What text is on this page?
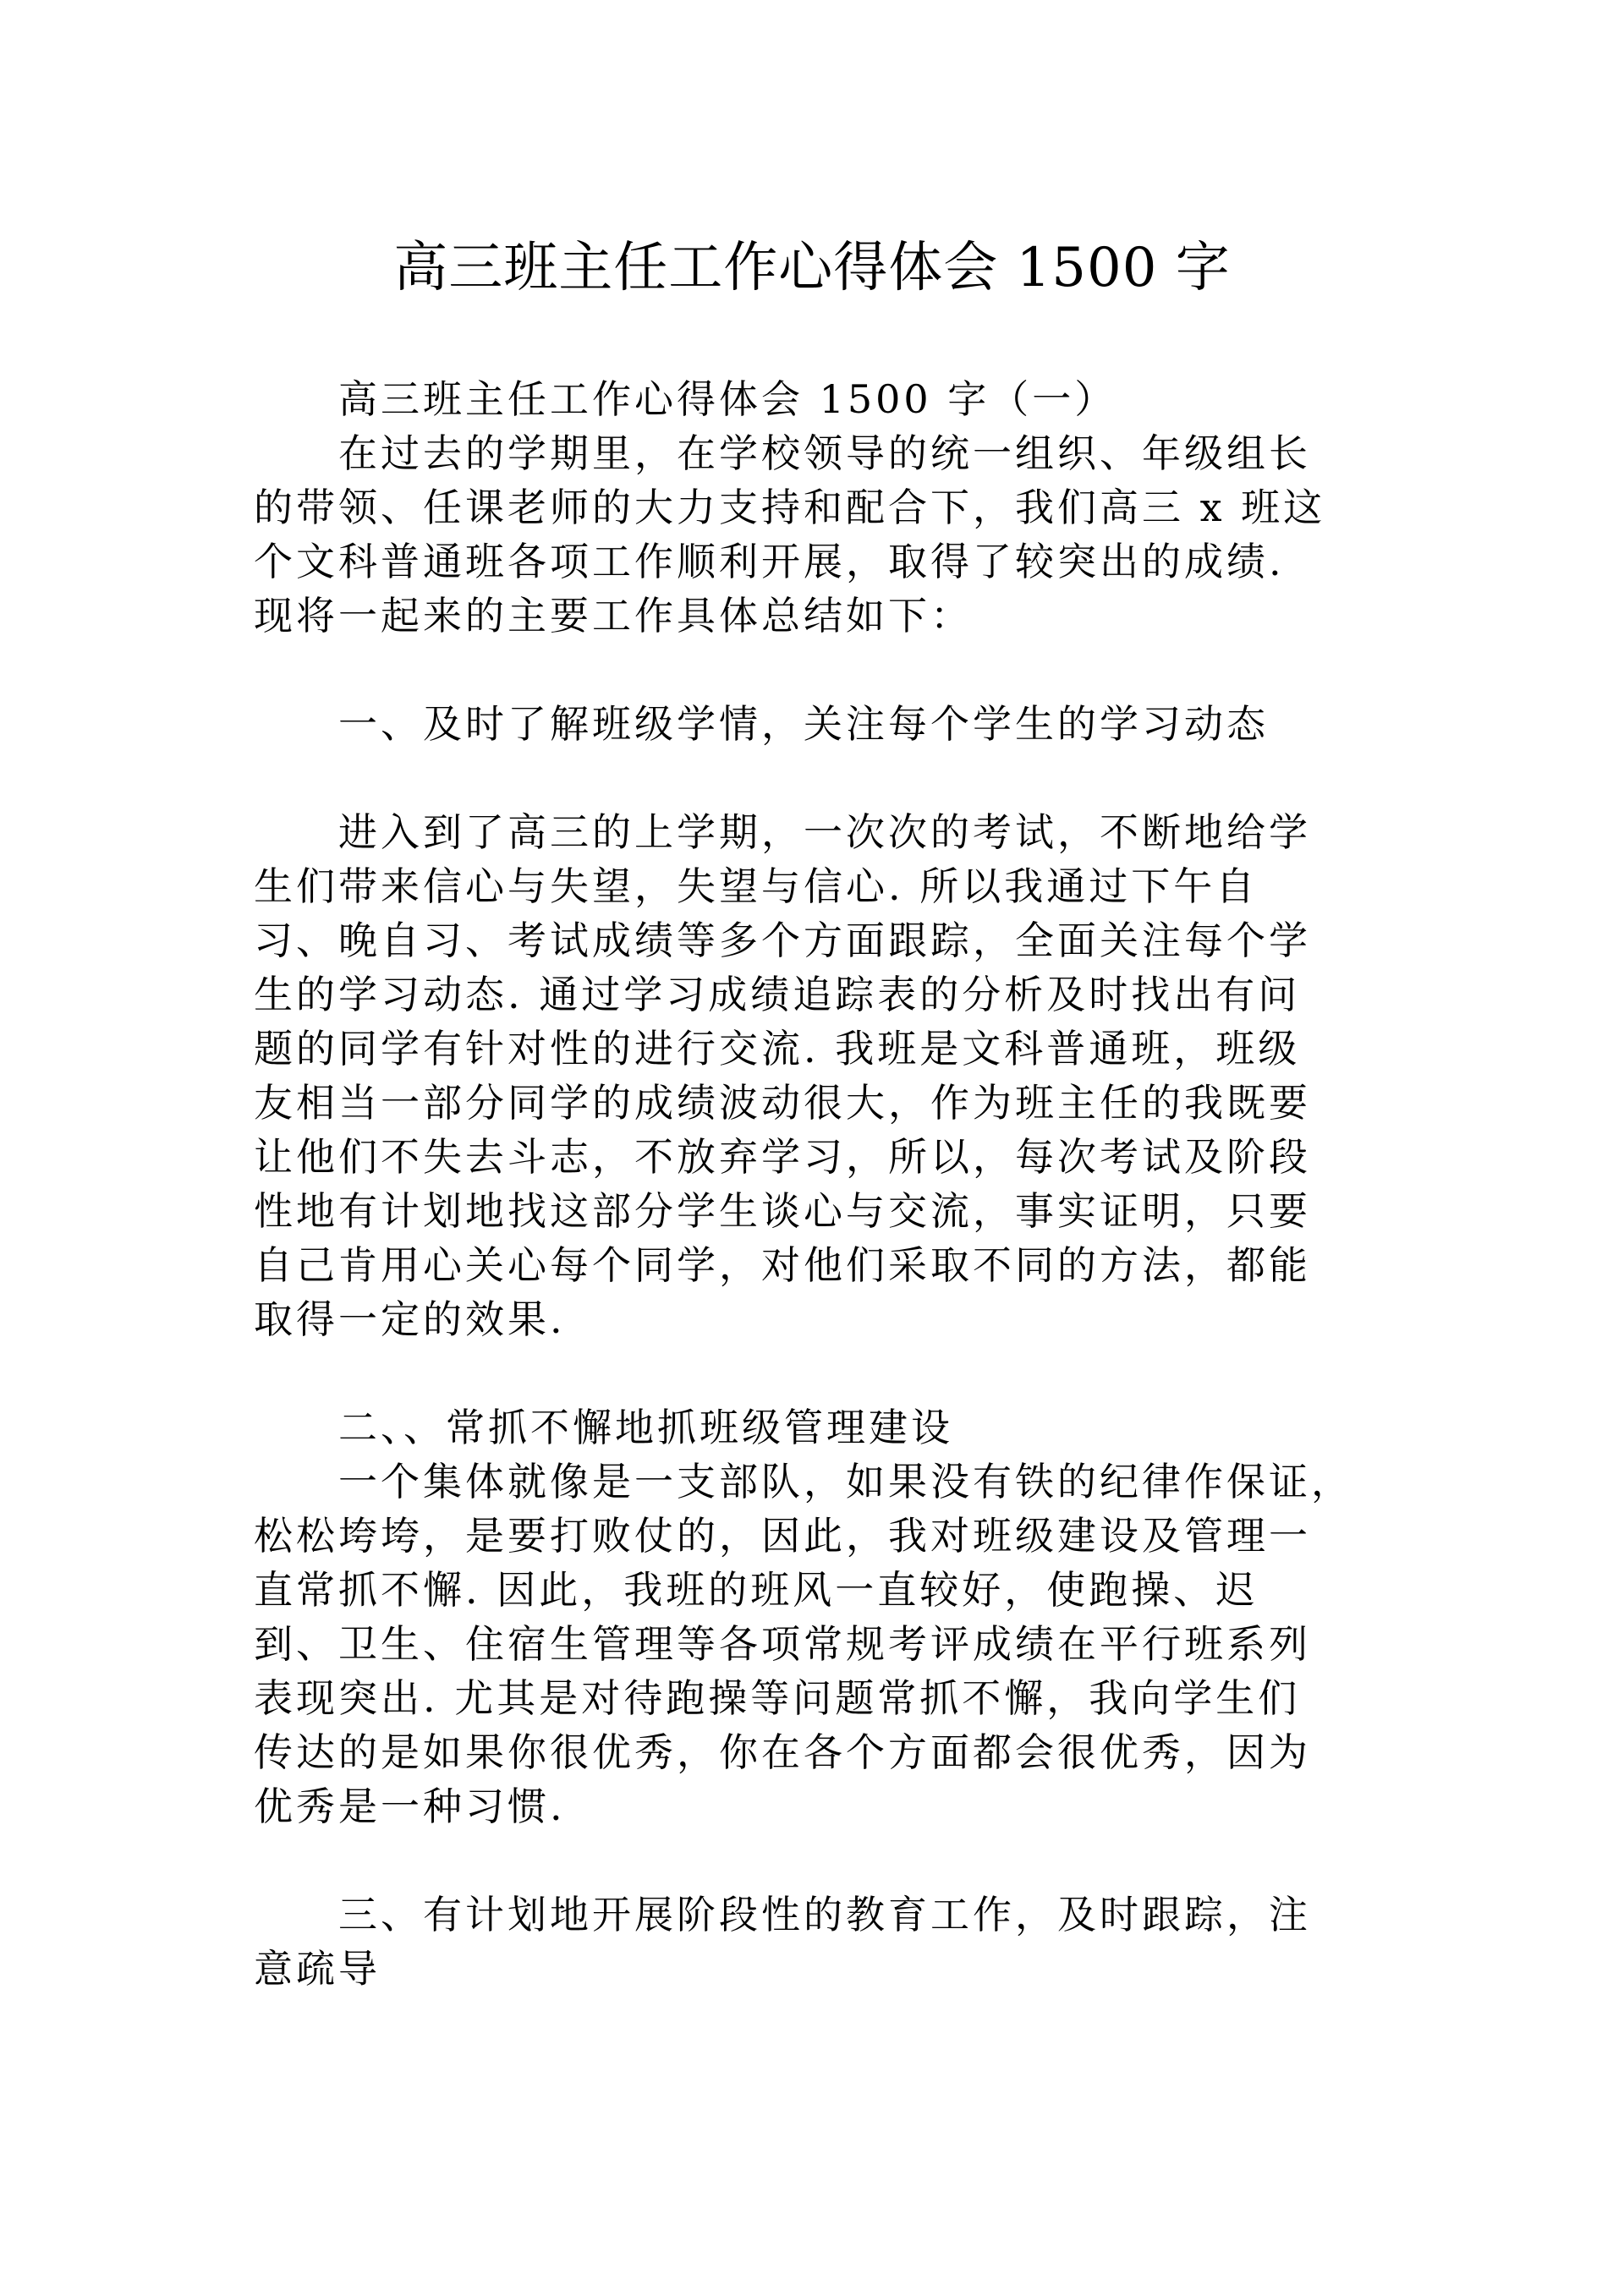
高三班主任工作心得体会 1500 字
高三班主任工作心得体会 1500 字（一）
在过去的学期里，在学校领导的统一组织、年级组长
的带领、任课老师的大力支持和配合下，我们高三 x 班这
个文科普通班各项工作顺利开展，取得了较突出的成绩.
现将一起来的主要工作具体总结如下：
一、及时了解班级学情，关注每个学生的学习动态
进入到了高三的上学期，一次次的考试，不断地给学
生们带来信心与失望，失望与信心. 所以我通过下午自
习、晚自习、考试成绩等多个方面跟踪，全面关注每个学
生的学习动态. 通过学习成绩追踪表的分析及时找出有问
题的同学有针对性的进行交流. 我班是文科普通班，班级
友相当一部分同学的成绩波动很大，作为班主任的我既要
让他们不失去斗志，不放弃学习，所以，每次考试及阶段
性地有计划地找这部分学生谈心与交流，事实证明，只要
自己肯用心关心每个同学，对他们采取不同的方法，都能
取得一定的效果.
二、、常抓不懈地抓班级管理建设
一个集体就像是一支部队，如果没有铁的纪律作保证，
松松垮垮，是要打败仗的，因此，我对班级建设及管理一
直常抓不懈. 因此，我班的班风一直较好，使跑操、迟
到、卫生、住宿生管理等各项常规考评成绩在平行班系列
表现突出. 尤其是对待跑操等问题常抓不懈，我向学生们
传达的是如果你很优秀，你在各个方面都会很优秀，因为
优秀是一种习惯.
三、有计划地开展阶段性的教育工作，及时跟踪，注
意疏导
